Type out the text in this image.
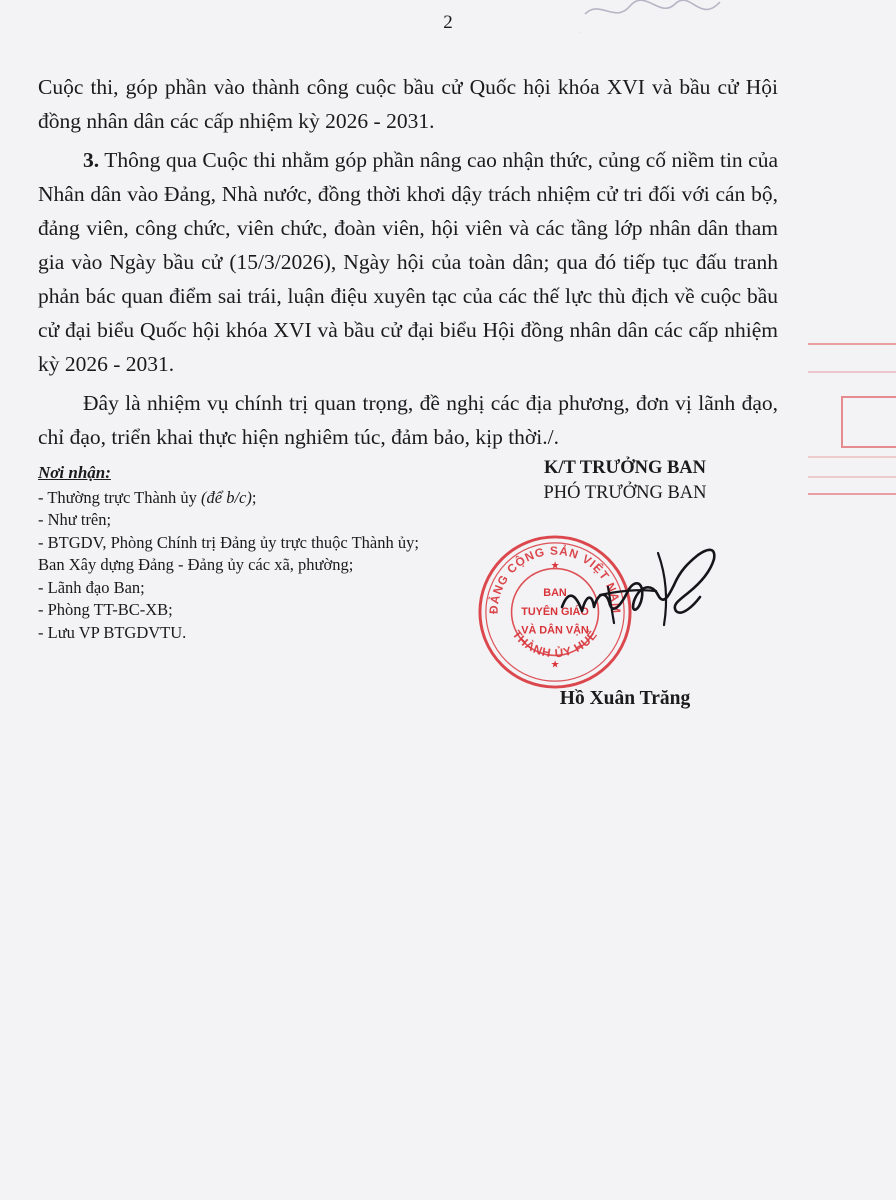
2

Cuộc thi, góp phần vào thành công cuộc bầu cử Quốc hội khóa XVI và bầu cử Hội đồng nhân dân các cấp nhiệm kỳ 2026 - 2031.

3. Thông qua Cuộc thi nhằm góp phần nâng cao nhận thức, củng cố niềm tin của Nhân dân vào Đảng, Nhà nước, đồng thời khơi dậy trách nhiệm cử tri đối với cán bộ, đảng viên, công chức, viên chức, đoàn viên, hội viên và các tầng lớp nhân dân tham gia vào Ngày bầu cử (15/3/2026), Ngày hội của toàn dân; qua đó tiếp tục đấu tranh phản bác quan điểm sai trái, luận điệu xuyên tạc của các thế lực thù địch về cuộc bầu cử đại biểu Quốc hội khóa XVI và bầu cử đại biểu Hội đồng nhân dân các cấp nhiệm kỳ 2026 - 2031.

Đây là nhiệm vụ chính trị quan trọng, đề nghị các địa phương, đơn vị lãnh đạo, chỉ đạo, triển khai thực hiện nghiêm túc, đảm bảo, kịp thời./.

Nơi nhận:

- Thường trực Thành ủy (để b/c);

- Như trên;

- BTGDV, Phòng Chính trị Đảng ủy trực thuộc Thành ủy; Ban Xây dựng Đảng - Đảng ủy các xã, phường;

- Lãnh đạo Ban;

- Phòng TT-BC-XB;

- Lưu VP BTGDVTU.

K/T TRƯỞNG BAN
PHÓ TRƯỞNG BAN
ĐẢNG CỘNG SẢN VIỆT NAM
THÀNH ỦY HUẾ
BAN
TUYÊN GIÁO
VÀ DÂN VẬN
★
★
Hồ Xuân Trăng
